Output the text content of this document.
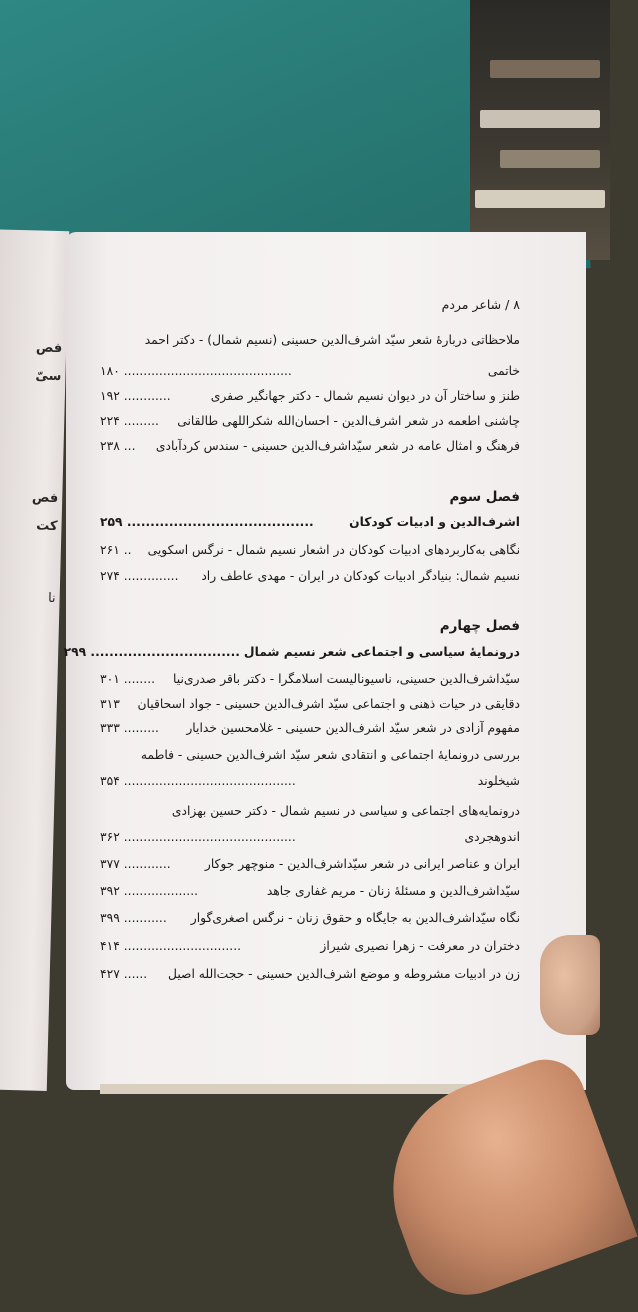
فص
سیّ
فص
کت
نا
۸ / شاعر مردم
ملاحظاتی دربارهٔ شعر سیّد اشرف‌الدین حسینی (نسیم شمال) - دکتر احمد
خاتمی
........................................... ۱۸۰
طنز و ساختار آن در دیوان نسیم شمال - دکتر جهانگیر صفری
............ ۱۹۲
چاشنی اطعمه در شعر اشرف‌الدین - احسان‌الله شکراللهی طالقانی
......... ۲۲۴
فرهنگ و امثال عامه در شعر سیّداشرف‌الدین حسینی - سندس کردآبادی
... ۲۳۸
فصل سوم
اشرف‌الدین و ادبیات کودکان
........................................ ۲۵۹
نگاهی به‌کاربردهای ادبیات کودکان در اشعار نسیم شمال - نرگس اسکویی
.. ۲۶۱
نسیم شمال: بنیادگر ادبیات کودکان در ایران - مهدی عاطف راد
.............. ۲۷۴
فصل چهارم
درونمایهٔ سیاسی و اجتماعی شعر نسیم شمال
................................ ۲۹۹
سیّداشرف‌الدین حسینی، ناسیونالیست اسلامگرا - دکتر باقر صدری‌نیا
........ ۳۰۱
دقایقی در حیات ذهنی و اجتماعی سیّد اشرف‌الدین حسینی - جواد اسحاقیان
۳۱۳
مفهوم آزادی در شعر سیّد اشرف‌الدین حسینی - غلامحسین خدایار
......... ۳۳۳
بررسی درونمایهٔ اجتماعی و انتقادی شعر سیّد اشرف‌الدین حسینی - فاطمه
شیخلوند
............................................ ۳۵۴
درونمایه‌های اجتماعی و سیاسی در نسیم شمال - دکتر حسین بهزادی
اندوهجردی
............................................ ۳۶۲
ایران و عناصر ایرانی در شعر سیّداشرف‌الدین - منوچهر جوکار
............ ۳۷۷
سیّداشرف‌الدین و مسئلهٔ زنان - مریم غفاری جاهد
................... ۳۹۲
نگاه سیّداشرف‌الدین به جایگاه و حقوق زنان - نرگس اصغری‌گوار
........... ۳۹۹
دختران در معرفت - زهرا نصیری شیراز
.............................. ۴۱۴
زن در ادبیات مشروطه و موضع اشرف‌الدین حسینی - حجت‌الله اصیل
...... ۴۲۷
